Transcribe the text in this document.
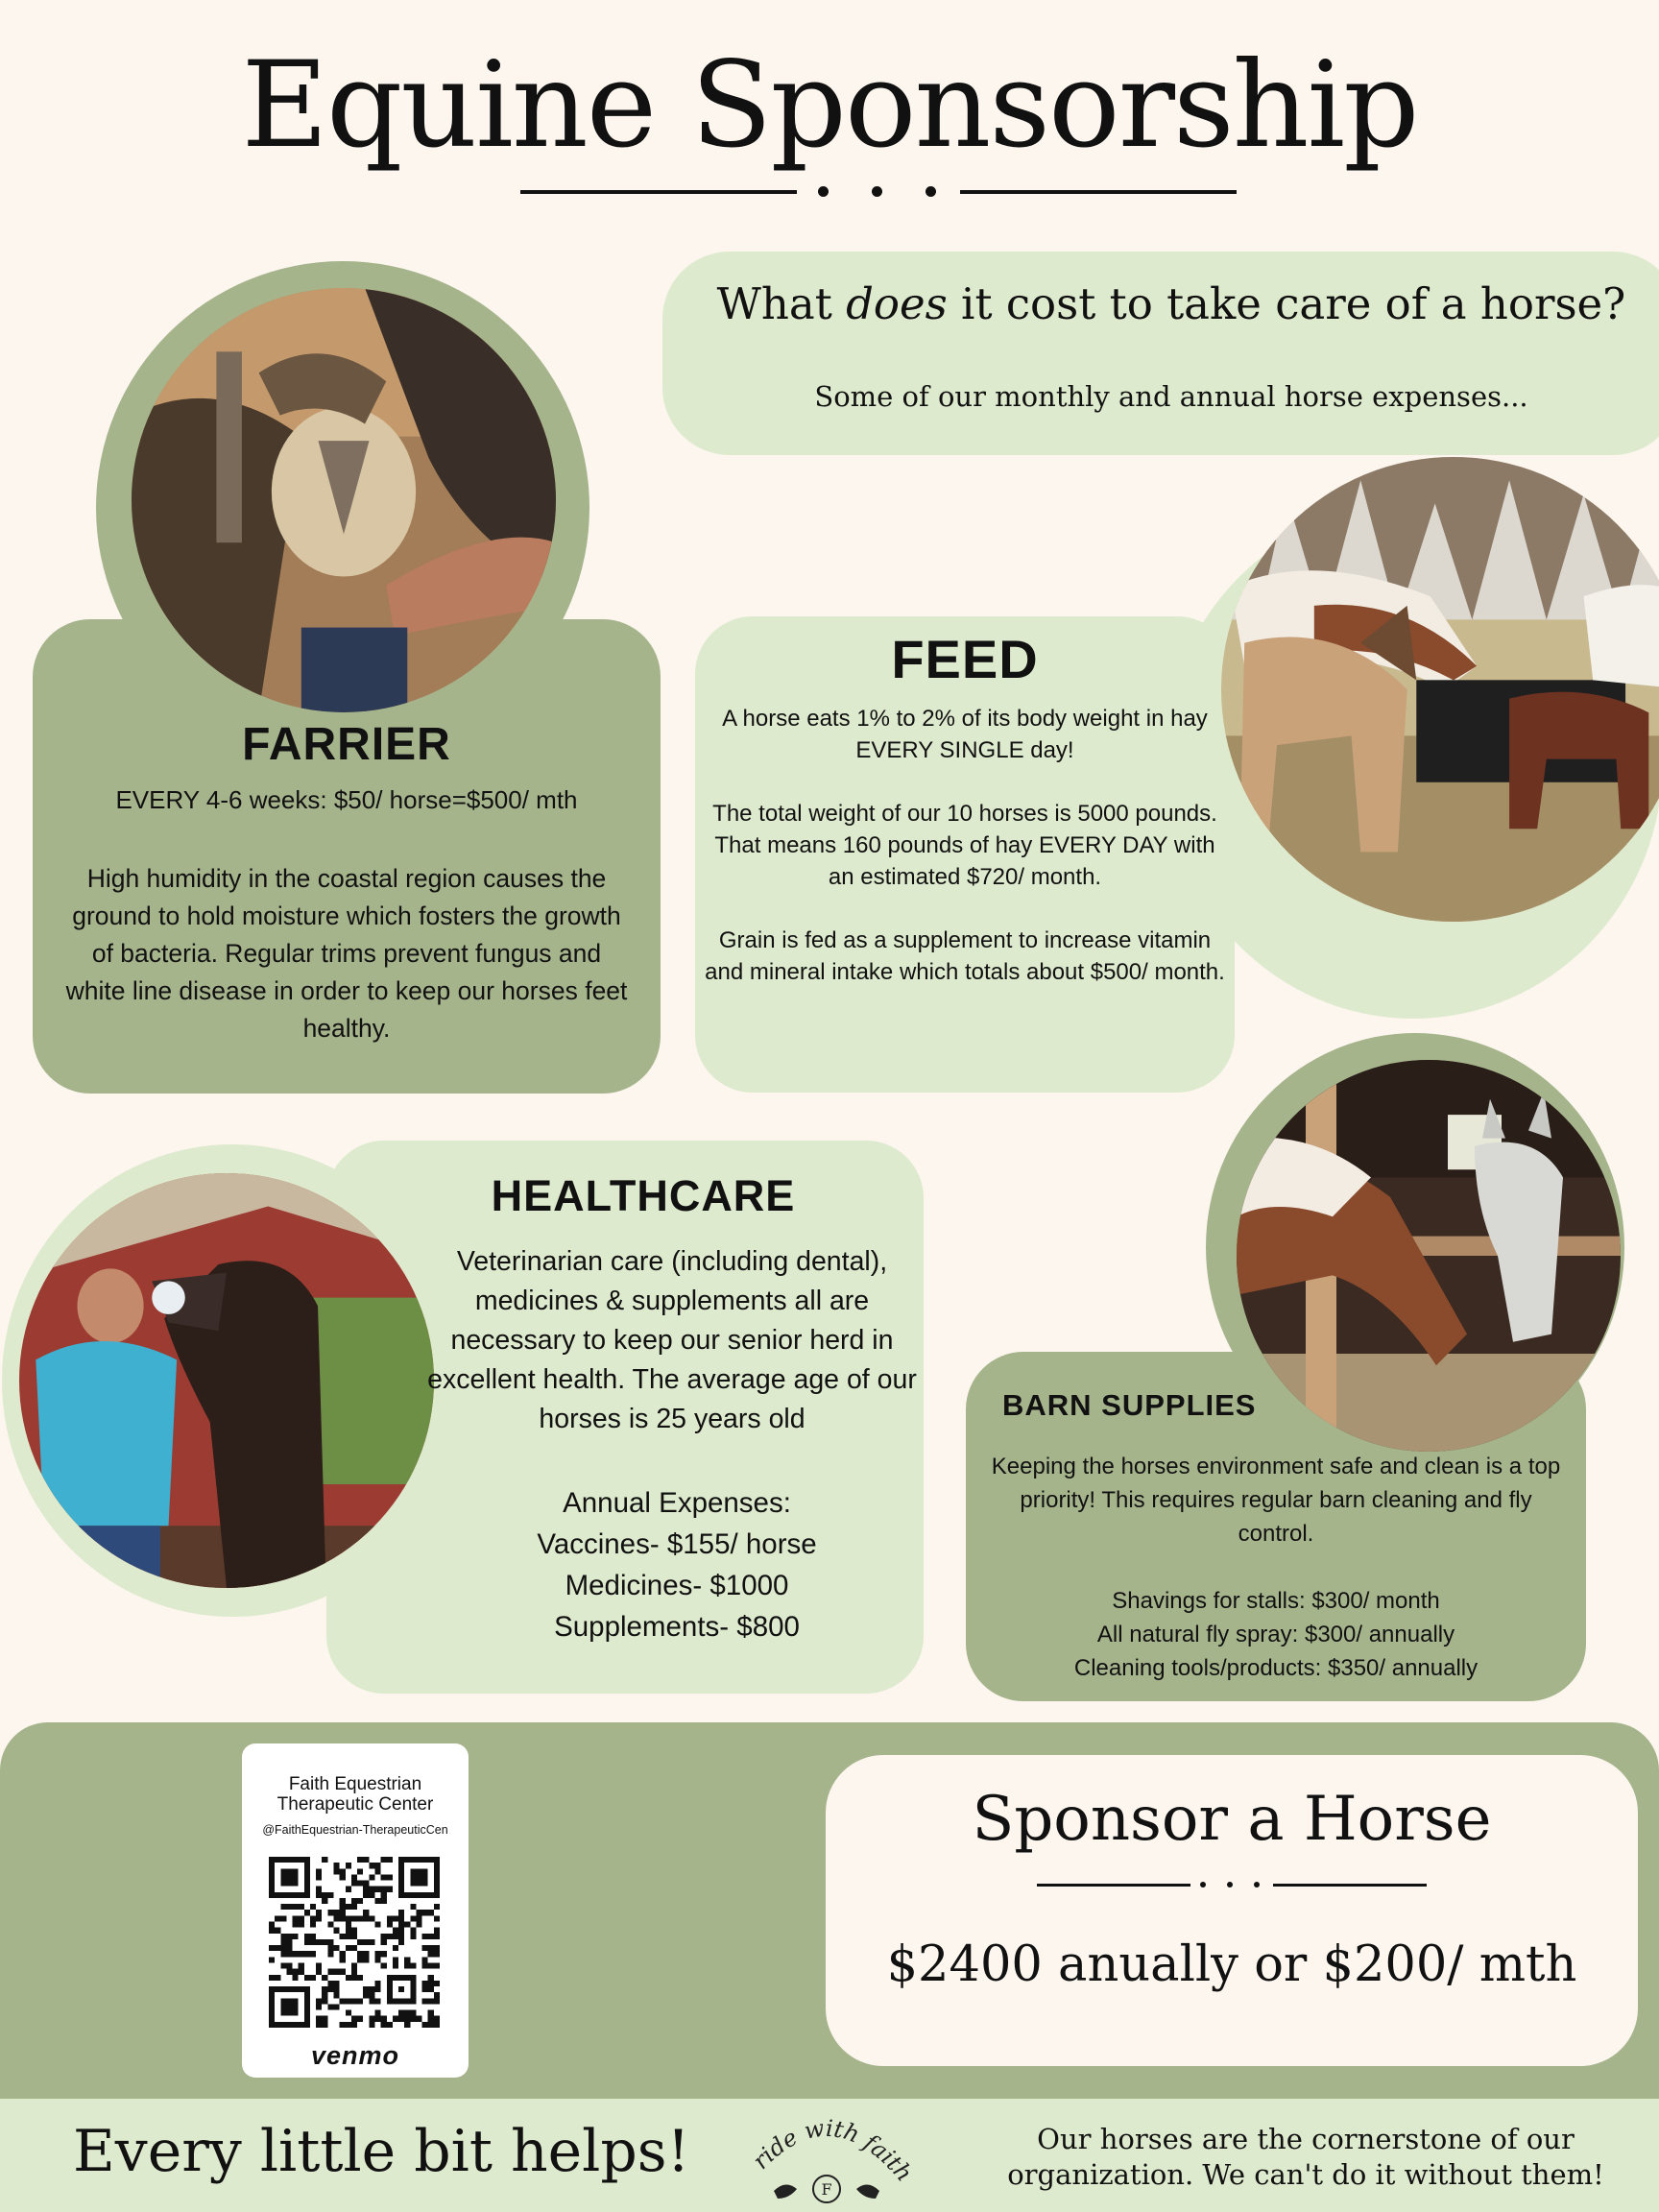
Equine Sponsorship
What does it cost to take care of a horse?
Some of our monthly and annual horse expenses...
FARRIER
EVERY 4-6 weeks: $50/ horse=$500/ mth
High humidity in the coastal region causes the ground to hold moisture which fosters the growth of bacteria. Regular trims prevent fungus and white line disease in order to keep our horses feet healthy.
FEED
A horse eats 1% to 2% of its body weight in hay EVERY SINGLE day!
The total weight of our 10 horses is 5000 pounds. That means 160 pounds of hay EVERY DAY with an estimated $720/ month.
Grain is fed as a supplement to increase vitamin and mineral intake which totals about $500/ month.
HEALTHCARE
Veterinarian care (including dental), medicines & supplements all are necessary to keep our senior herd in excellent health. The average age of our horses is 25 years old
Annual Expenses:
Vaccines- $155/ horse
Medicines- $1000
Supplements- $800
BARN SUPPLIES
Keeping the horses environment safe and clean is a top priority! This requires regular barn cleaning and fly control.
Shavings for stalls: $300/ month
All natural fly spray: $300/ annually
Cleaning tools/products: $350/ annually
Faith Equestrian Therapeutic Center
@FaithEquestrian-TherapeuticCen
venmo
Sponsor a Horse
$2400 anually or $200/ mth
Every little bit helps!	ride with faith
F
Our horses are the cornerstone of our organization. We can't do it without them!
